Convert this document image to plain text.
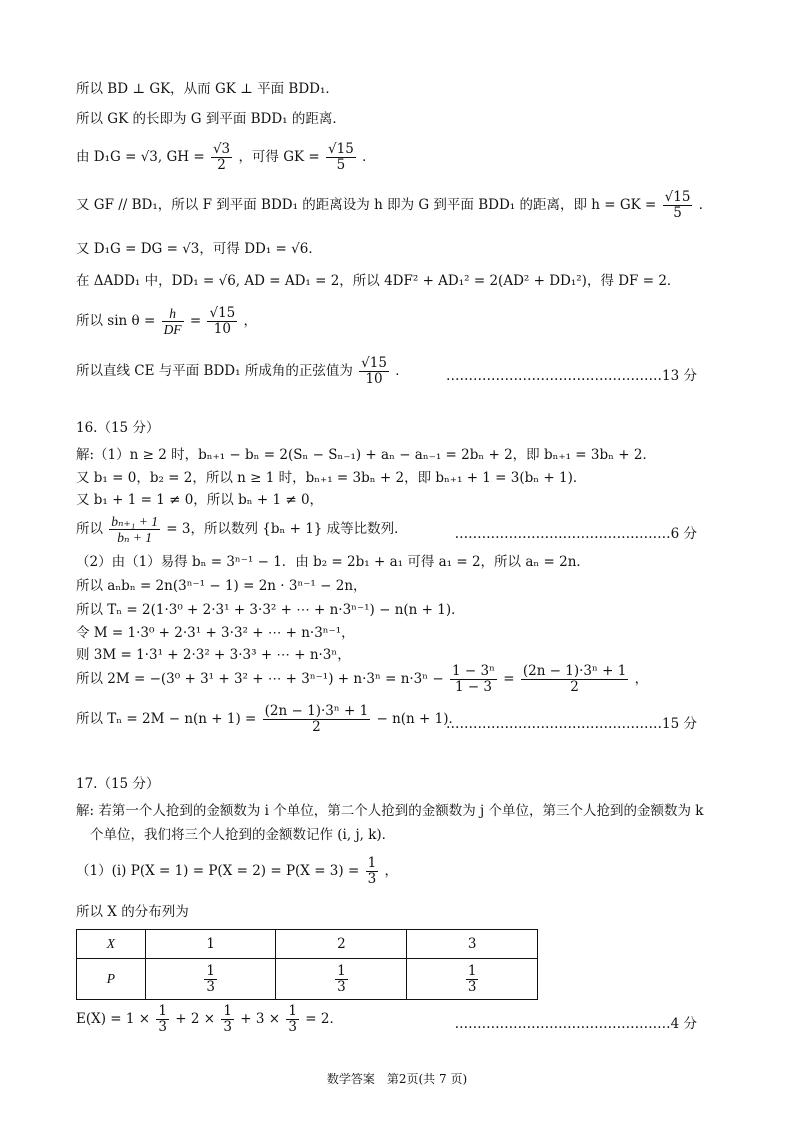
所以 BD ⊥ GK，从而 GK ⊥ 平面 BDD₁．
所以 GK 的长即为 G 到平面 BDD₁ 的距离．
由 D₁G = √3, GH = $\frac{√3}{2}$ ，可得 GK = $\frac{√15}{5}$ ．
又 GF // BD₁，所以 F 到平面 BDD₁ 的距离设为 h 即为 G 到平面 BDD₁ 的距离，即 h = GK = $\frac{√15}{5}$ ．
又 D₁G = DG = √3，可得 DD₁ = √6．
在 ΔADD₁ 中，DD₁ = √6, AD = AD₁ = 2，所以 4DF² + AD₁² = 2(AD² + DD₁²)，得 DF = 2．
所以 $\sin \theta = \frac{h}{DF} = \frac{√15}{10}$ ，
所以直线 CE 与平面 BDD₁ 所成角的正弦值为 $\frac{√15}{10}$ ．	…………………………………………13 分
16.（15 分）
解:（1）n ≥ 2 时，bₙ₊₁ − bₙ = 2(Sₙ − Sₙ₋₁) + aₙ − aₙ₋₁ = 2bₙ + 2，即 bₙ₊₁ = 3bₙ + 2．
又 b₁ = 0，b₂ = 2，所以 n ≥ 1 时，bₙ₊₁ = 3bₙ + 2，即 bₙ₊₁ + 1 = 3(bₙ + 1)．
又 b₁ + 1 = 1 ≠ 0，所以 bₙ + 1 ≠ 0，
所以 $\frac{\text{bₙ₊₁ + 1}}{\text{bₙ + 1}} = 3$，所以数列 {bₙ + 1} 成等比数列．	…………………………………………6 分
（2）由（1）易得 bₙ = 3ⁿ⁻¹ − 1．由 b₂ = 2b₁ + a₁ 可得 a₁ = 2，所以 aₙ = 2n．
所以 aₙbₙ = 2n(3ⁿ⁻¹ − 1) = 2n · 3ⁿ⁻¹ − 2n，
所以 Tₙ = 2(1·3⁰ + 2·3¹ + 3·3² + ⋯ + n·3ⁿ⁻¹) − n(n + 1)．
令 M = 1·3⁰ + 2·3¹ + 3·3² + ⋯ + n·3ⁿ⁻¹，
则 3M = 1·3¹ + 2·3² + 3·3³ + ⋯ + n·3ⁿ，
所以 2M = −(3⁰ + 3¹ + 3² + ⋯ + $3^{n-1}) + n\cdot 3^n = n\cdot 3^n - \frac{\text{1 − 3ⁿ}}{1 - 3} = \frac{\text{(2n − 1)·3ⁿ + 1}}{2}$ ，
所以 $T_n = 2M - n(n + 1) = \frac{\text{(2n − 1)·3ⁿ + 1}}{2} - n(n + 1)$．
…………………………………………15 分
17.（15 分）
解: 若第一个人抢到的金额数为 i 个单位，第二个人抢到的金额数为 j 个单位，第三个人抢到的金额数为 k
个单位，我们将三个人抢到的金额数记作 (i, j, k)．
（1）(i) $P(X = 1) = P(X = 2) = P(X = 3) = \frac{1}{3}$ ，
所以 X 的分布列为
X	1	2	3
P	$\frac{1}{3}$	$\frac{1}{3}$	$\frac{1}{3}$
$E(X) = 1 \times \frac{1}{3} + 2 \times \frac{1}{3} + 3 \times \frac{1}{3} = 2$．	…………………………………………4 分
数学答案　第2页(共 7 页)
